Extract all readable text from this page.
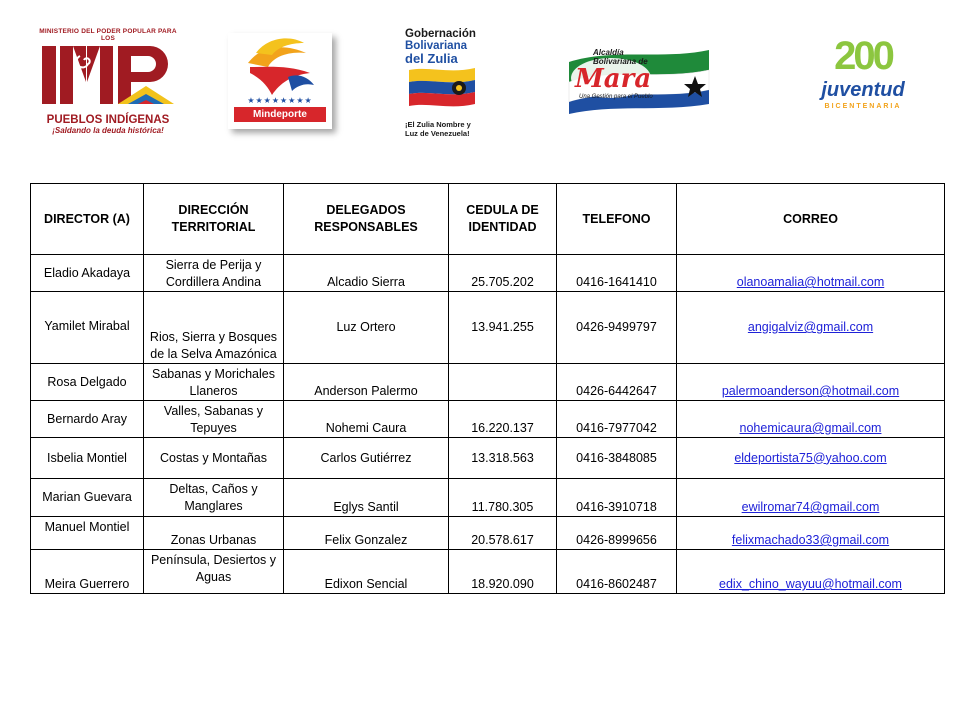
MINISTERIO DEL PODER POPULAR PARA LOS
IMP
PUEBLOS INDÍGENAS
¡Saldando la deuda histórica!
★★★★★★★★
Mindeporte
Gobernación
Bolivariana
del Zulia
¡El Zulia Nombre y
Luz de Venezuela!
Alcaldía
Bolivariana de
Mara
Una Gestión para el Pueblo
200
juventud
BICENTENARIA
DIRECTOR (A)	DIRECCIÓN TERRITORIAL	DELEGADOS RESPONSABLES	CEDULA DE IDENTIDAD	TELEFONO	CORREO
Eladio Akadaya	Sierra de Perija y Cordillera Andina	Alcadio Sierra	25.705.202	0416-1641410	olanoamalia@hotmail.com
Yamilet Mirabal	Rios, Sierra y Bosques de la Selva Amazónica	Luz Ortero	13.941.255	0426-9499797	angigalviz@gmail.com
Rosa Delgado	Sabanas y Morichales Llaneros	Anderson Palermo		0426-6442647	palermoanderson@hotmail.com
Bernardo Aray	Valles, Sabanas y Tepuyes	Nohemi Caura	16.220.137	0416-7977042	nohemicaura@gmail.com
Isbelia Montiel	Costas y Montañas	Carlos Gutiérrez	13.318.563	0416-3848085	eldeportista75@yahoo.com
Marian Guevara	Deltas, Caños y Manglares	Eglys Santil	11.780.305	0416-3910718	ewilromar74@gmail.com
Manuel Montiel	Zonas Urbanas	Felix Gonzalez	20.578.617	0426-8999656	felixmachado33@gmail.com
Meira Guerrero	Península, Desiertos y Aguas	Edixon Sencial	18.920.090	0416-8602487	edix_chino_wayuu@hotmail.com
